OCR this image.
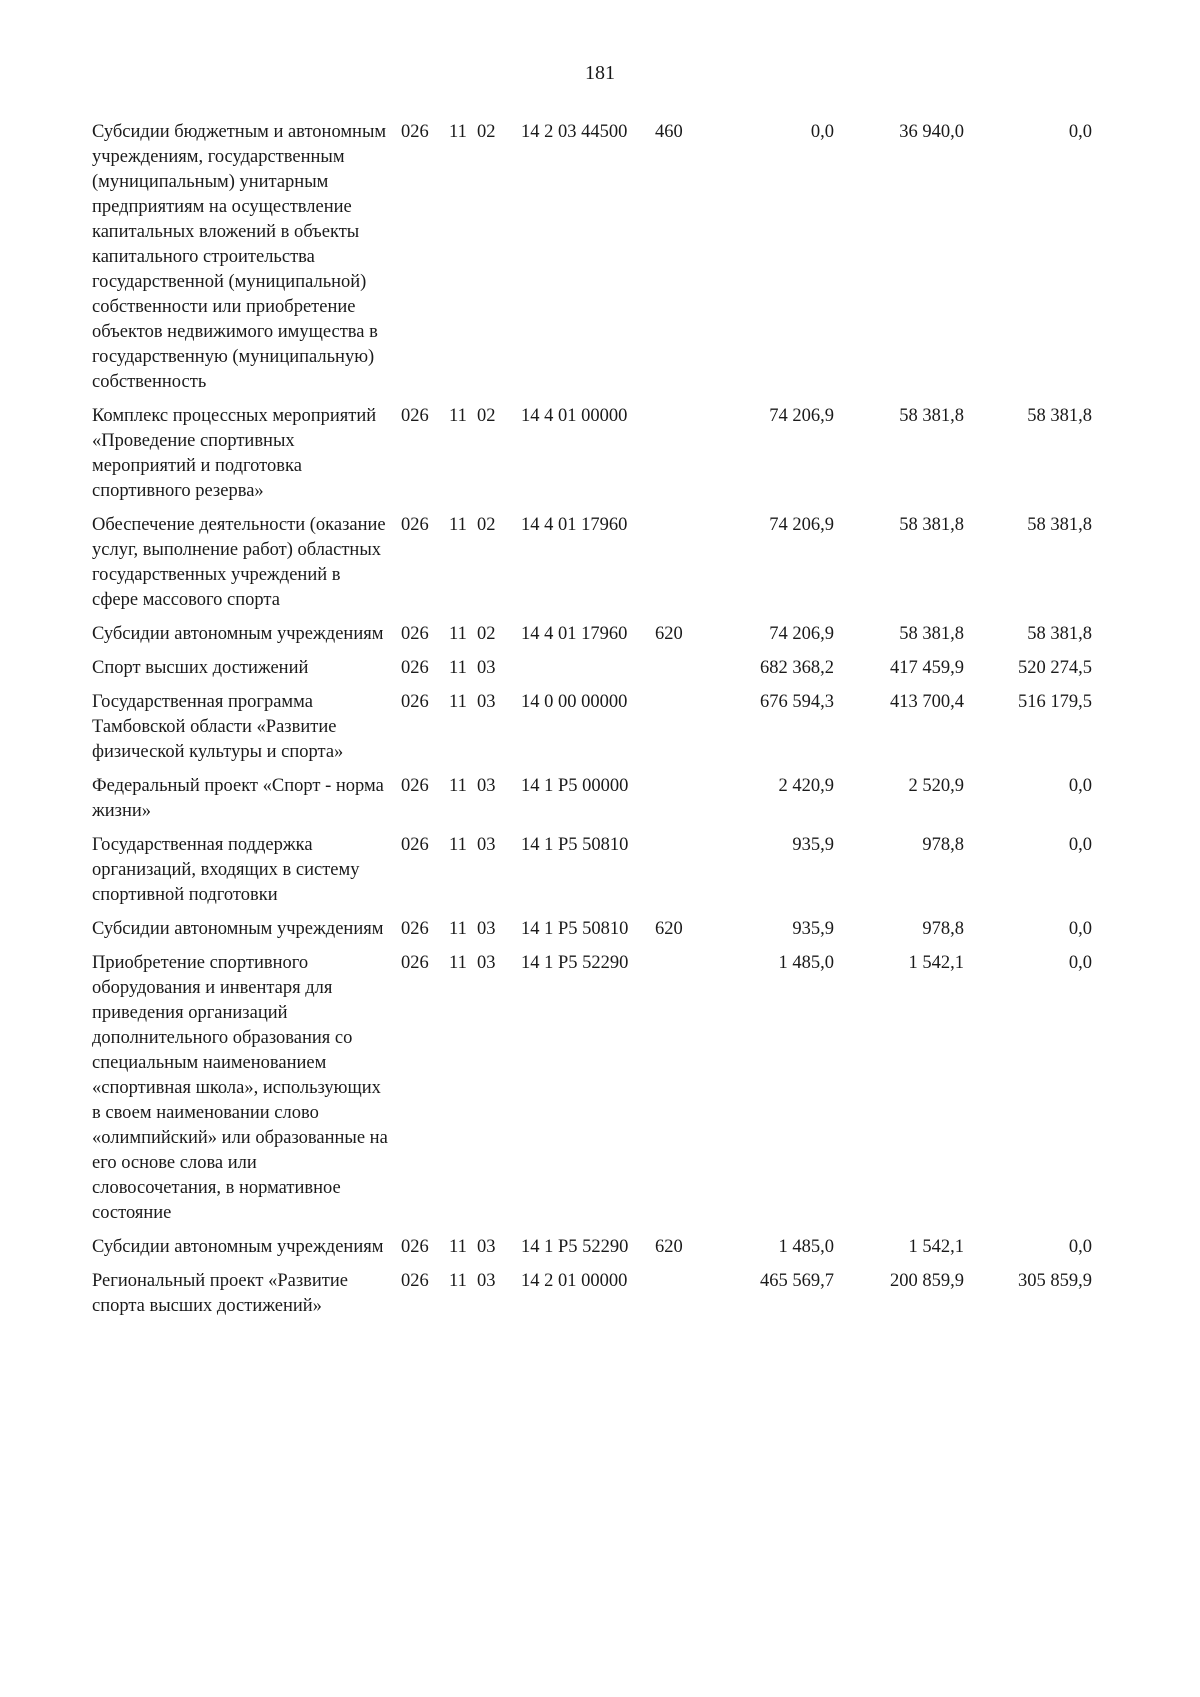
181
Субсидии бюджетным и автономным учреждениям, государственным (муниципальным) унитарным предприятиям на осуществление капитальных вложений в объекты капитального строительства государственной (муниципальной) собственности или приобретение объектов недвижимого имущества в государственную (муниципальную) собственность	026	11	02	14 2 03 44500	460	0,0	36 940,0	0,0
Комплекс процессных мероприятий «Проведение спортивных мероприятий и подготовка спортивного резерва»	026	11	02	14 4 01 00000		74 206,9	58 381,8	58 381,8
Обеспечение деятельности (оказание услуг, выполнение работ) областных государственных учреждений в сфере массового спорта	026	11	02	14 4 01 17960		74 206,9	58 381,8	58 381,8
Субсидии автономным учреждениям	026	11	02	14 4 01 17960	620	74 206,9	58 381,8	58 381,8
Спорт высших достижений	026	11	03			682 368,2	417 459,9	520 274,5
Государственная программа Тамбовской области «Развитие физической культуры и спорта»	026	11	03	14 0 00 00000		676 594,3	413 700,4	516 179,5
Федеральный проект «Спорт - норма жизни»	026	11	03	14 1 P5 00000		2 420,9	2 520,9	0,0
Государственная поддержка организаций, входящих в систему спортивной подготовки	026	11	03	14 1 P5 50810		935,9	978,8	0,0
Субсидии автономным учреждениям	026	11	03	14 1 P5 50810	620	935,9	978,8	0,0
Приобретение спортивного оборудования и инвентаря для приведения организаций дополнительного образования со специальным наименованием «спортивная школа», использующих в своем наименовании слово «олимпийский» или образованные на его основе слова или словосочетания, в нормативное состояние	026	11	03	14 1 P5 52290		1 485,0	1 542,1	0,0
Субсидии автономным учреждениям	026	11	03	14 1 P5 52290	620	1 485,0	1 542,1	0,0
Региональный проект «Развитие спорта высших достижений»	026	11	03	14 2 01 00000		465 569,7	200 859,9	305 859,9
